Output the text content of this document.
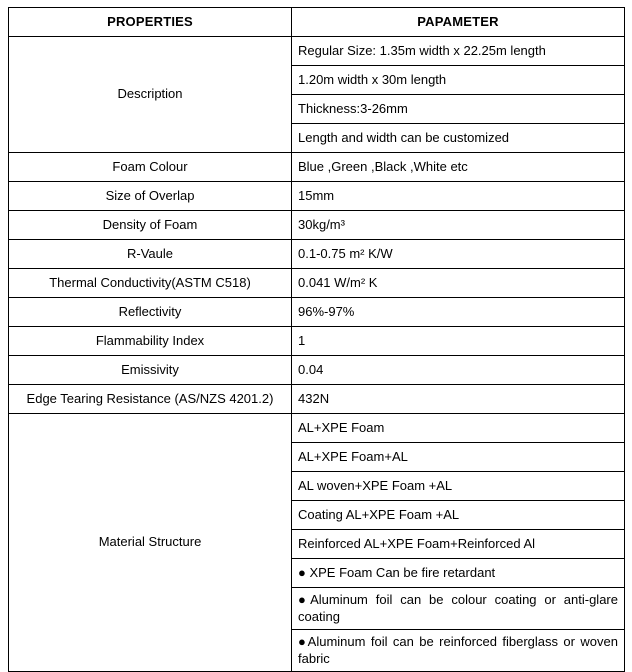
PROPERTIES	PAPAMETER
Description	Regular Size: 1.35m width x 22.25m length
	1.20m width x 30m length
	Thickness:3-26mm
	Length and width can be customized
Foam Colour	Blue ,Green ,Black ,White etc
Size of Overlap	15mm
Density of Foam	30kg/m³
R-Vaule	0.1-0.75 m² K/W
Thermal Conductivity(ASTM C518)	0.041 W/m² K
Reflectivity	96%-97%
Flammability Index	1
Emissivity	0.04
Edge Tearing Resistance (AS/NZS 4201.2)	432N
Material Structure	AL+XPE Foam
	AL+XPE Foam+AL
	AL woven+XPE Foam +AL
	Coating AL+XPE Foam +AL
	Reinforced AL+XPE Foam+Reinforced Al
	● XPE Foam Can be fire retardant
	●Aluminum foil can be colour coating or anti-glare coating
	●Aluminum foil can be reinforced fiberglass or woven fabric
